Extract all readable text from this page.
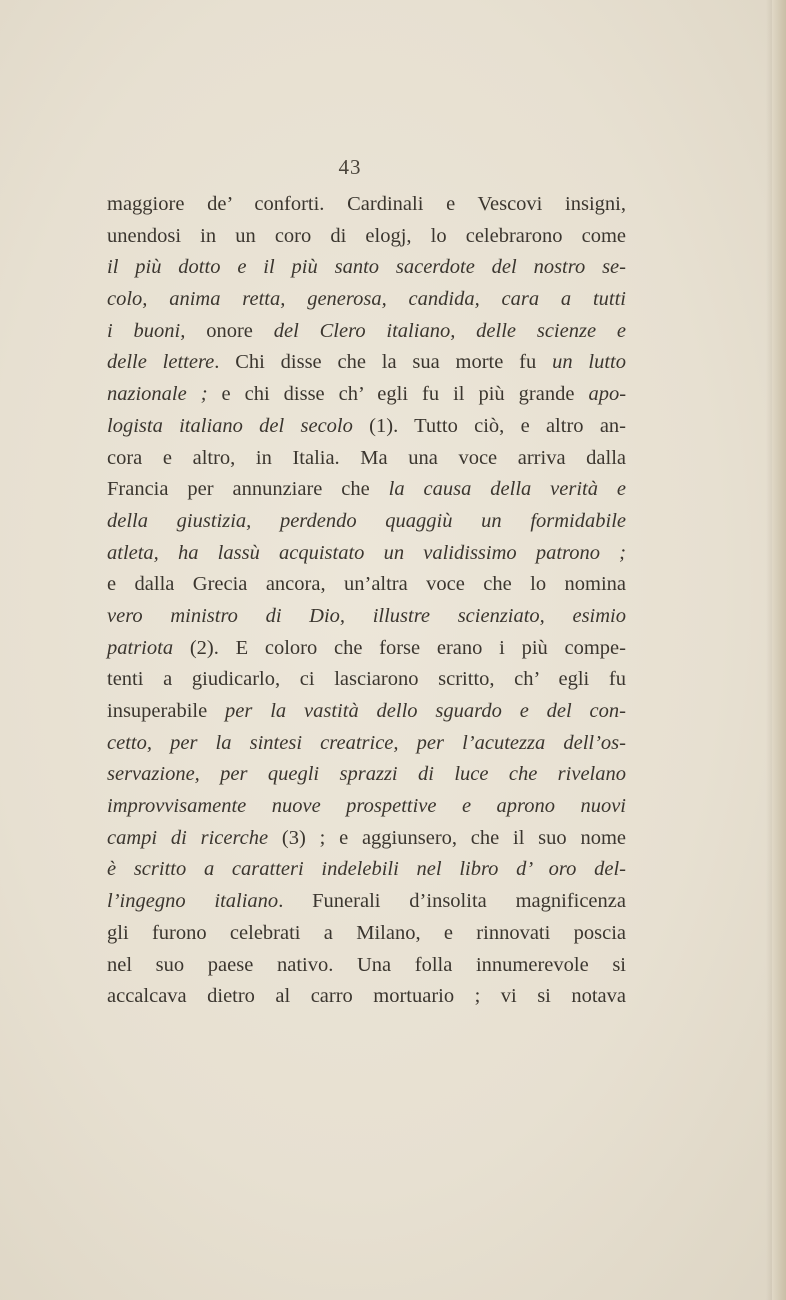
43
maggiore de’ conforti. Cardinali e Vescovi insigni,
unendosi in un coro di elogj, lo celebrarono come
il più dotto e il più santo sacerdote del nostro se-
colo, anima retta, generosa, candida, cara a tutti
i buoni, onore del Clero italiano, delle scienze e
delle lettere. Chi disse che la sua morte fu un lutto
nazionale ; e chi disse ch’ egli fu il più grande apo-
logista italiano del secolo (1). Tutto ciò, e altro an-
cora e altro, in Italia. Ma una voce arriva dalla
Francia per annunziare che la causa della verità e
della giustizia, perdendo quaggiù un formidabile
atleta, ha lassù acquistato un validissimo patrono ;
e dalla Grecia ancora, un’altra voce che lo nomina
vero ministro di Dio, illustre scienziato, esimio
patriota (2). E coloro che forse erano i più compe-
tenti a giudicarlo, ci lasciarono scritto, ch’ egli fu
insuperabile per la vastità dello sguardo e del con-
cetto, per la sintesi creatrice, per l’acutezza dell’os-
servazione, per quegli sprazzi di luce che rivelano
improvvisamente nuove prospettive e aprono nuovi
campi di ricerche (3) ; e aggiunsero, che il suo nome
è scritto a caratteri indelebili nel libro d’ oro del-
l’ingegno italiano. Funerali d’insolita magnificenza
gli furono celebrati a Milano, e rinnovati poscia
nel suo paese nativo. Una folla innumerevole si
accalcava dietro al carro mortuario ; vi si notava
